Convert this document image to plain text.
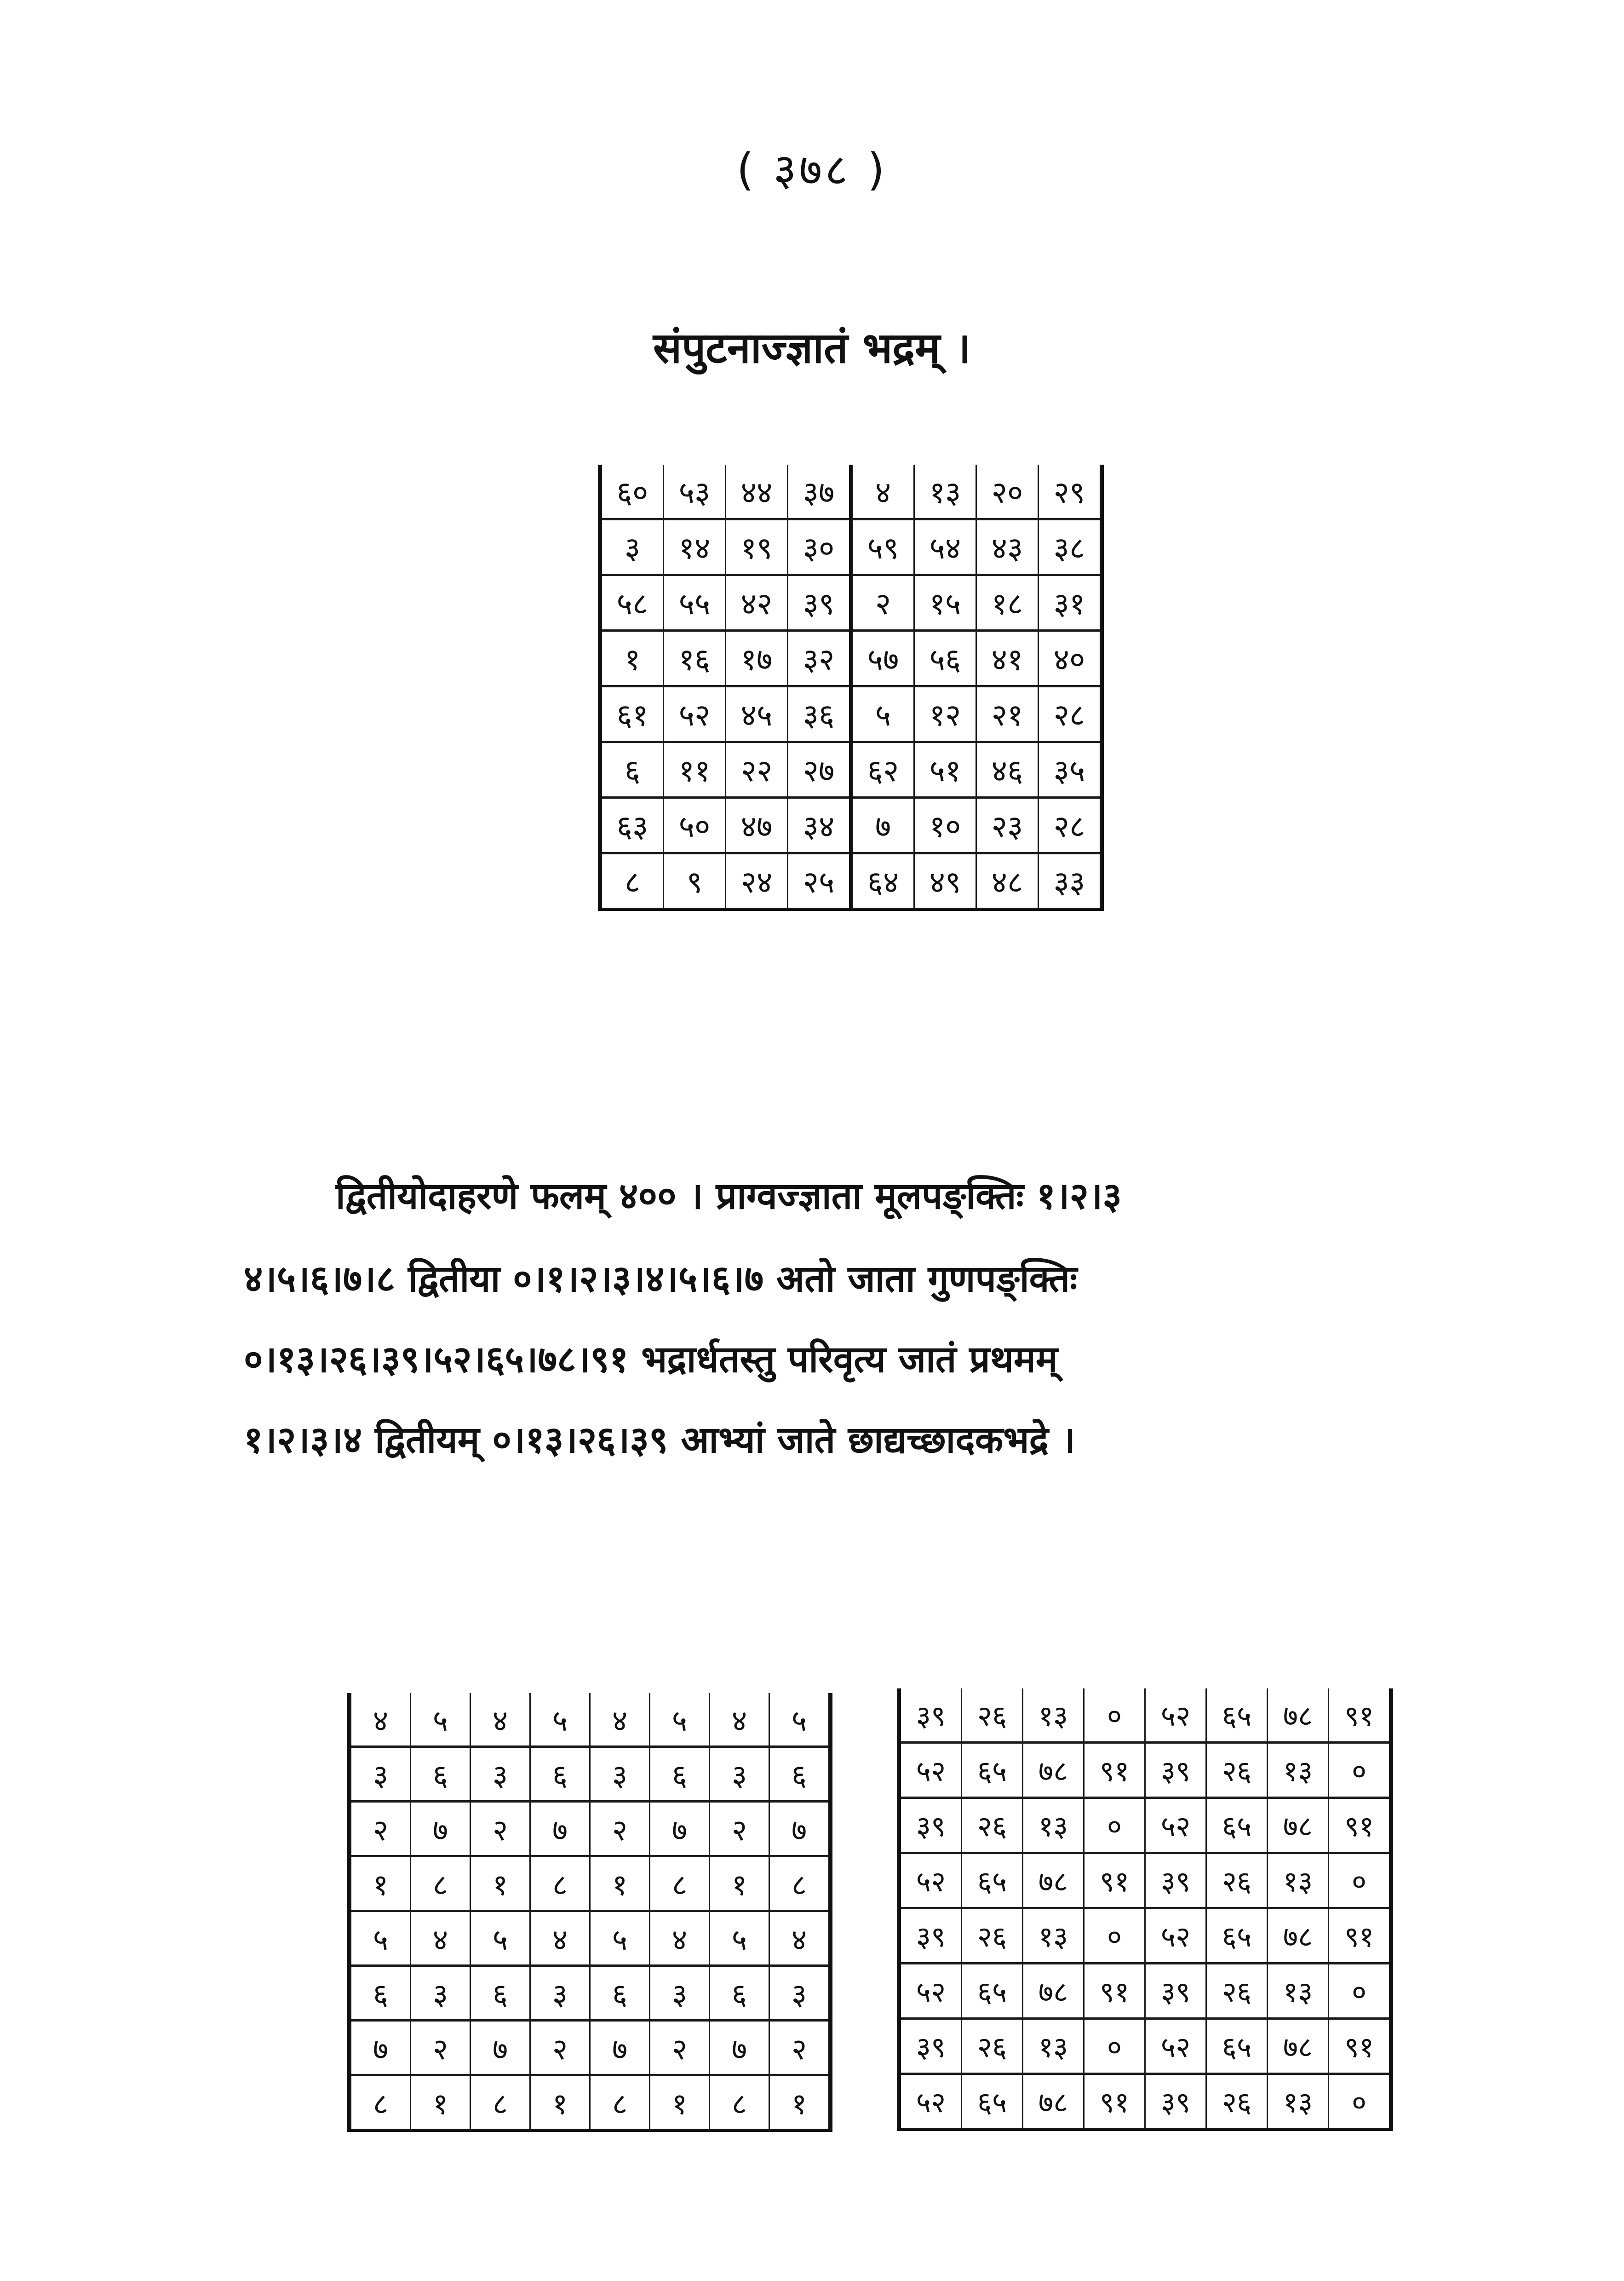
( ३७८ )
संपुटनाज्ज्ञातं भद्रम् ।
६०	५३	४४	३७	४	१३	२०	२९
३	१४	१९	३०	५९	५४	४३	३८
५८	५५	४२	३९	२	१५	१८	३१
१	१६	१७	३२	५७	५६	४१	४०
६१	५२	४५	३६	५	१२	२१	२८
६	११	२२	२७	६२	५१	४६	३५
६३	५०	४७	३४	७	१०	२३	२८
८	९	२४	२५	६४	४९	४८	३३
द्वितीयोदाहरणे फलम् ४०० । प्राग्वज्ज्ञाता मूलपङ्क्तिः १।२।३
४।५।६।७।८ द्वितीया ०।१।२।३।४।५।६।७ अतो जाता गुणपङ्क्तिः
०।१३।२६।३९।५२।६५।७८।९१ भद्रार्धतस्तु परिवृत्य जातं प्रथमम्
१।२।३।४ द्वितीयम् ०।१३।२६।३९ आभ्यां जाते छाद्यच्छादकभद्रे ।
४	५	४	५	४	५	४	५
३	६	३	६	३	६	३	६
२	७	२	७	२	७	२	७
१	८	१	८	१	८	१	८
५	४	५	४	५	४	५	४
६	३	६	३	६	३	६	३
७	२	७	२	७	२	७	२
८	१	८	१	८	१	८	१
३९	२६	१३	०	५२	६५	७८	९१
५२	६५	७८	९१	३९	२६	१३	०
३९	२६	१३	०	५२	६५	७८	९१
५२	६५	७८	९१	३९	२६	१३	०
३९	२६	१३	०	५२	६५	७८	९१
५२	६५	७८	९१	३९	२६	१३	०
३९	२६	१३	०	५२	६५	७८	९१
५२	६५	७८	९१	३९	२६	१३	०
